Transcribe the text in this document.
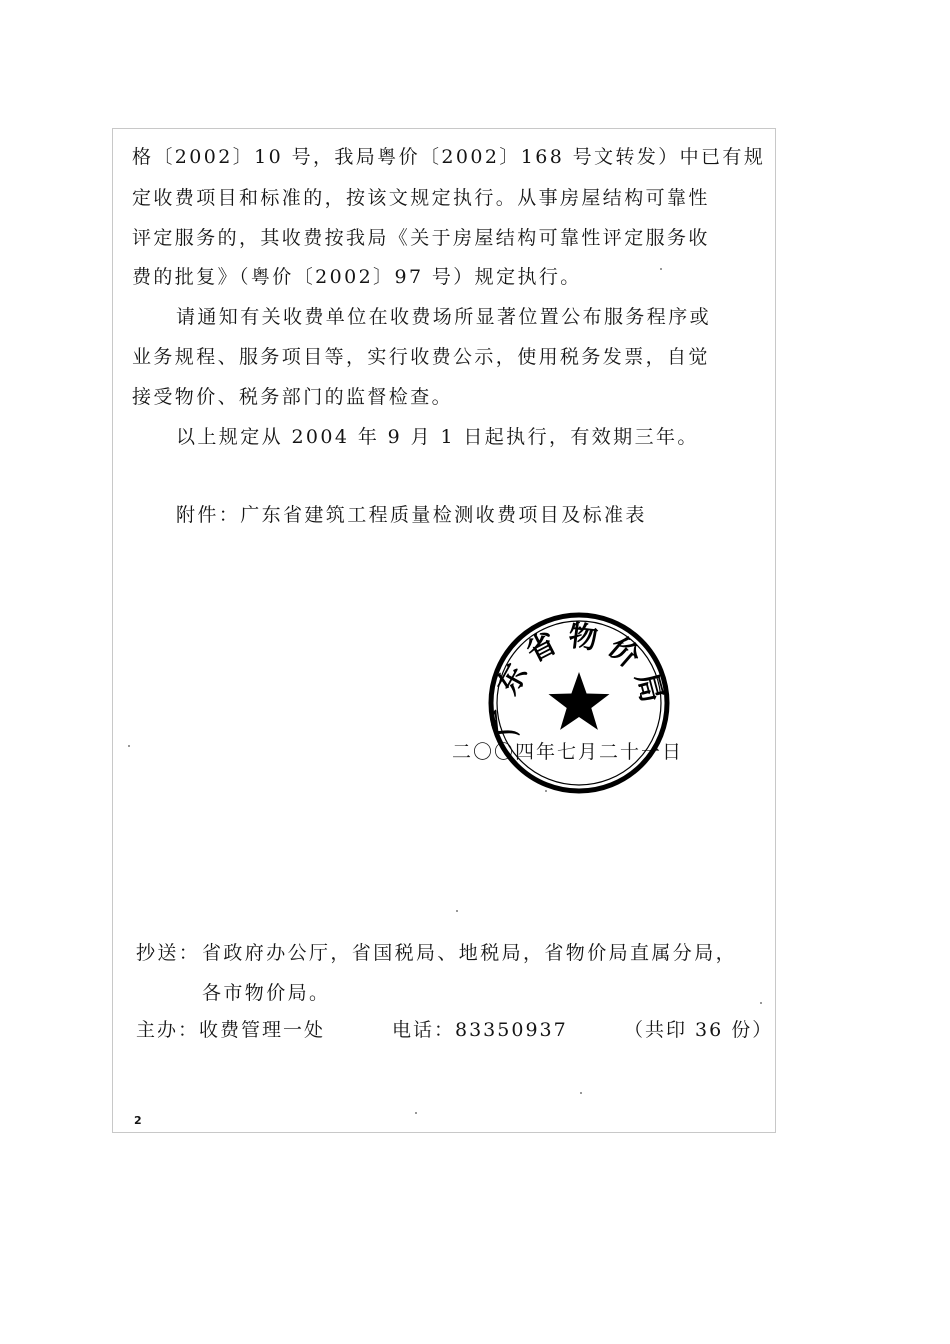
格〔2002〕10 号，我局粤价〔2002〕168 号文转发）中已有规
定收费项目和标准的，按该文规定执行。从事房屋结构可靠性
评定服务的，其收费按我局《关于房屋结构可靠性评定服务收
费的批复》（粤价〔2002〕97 号）规定执行。
请通知有关收费单位在收费场所显著位置公布服务程序或
业务规程、服务项目等，实行收费公示，使用税务发票，自觉
接受物价、税务部门的监督检查。
以上规定从 2004 年 9 月 1 日起执行，有效期三年。
附件：广东省建筑工程质量检测收费项目及标准表
二〇〇四年七月二十一日
广东省物价局
抄送： 省政府办公厅，省国税局、地税局，省物价局直属分局，
各市物价局。
主办：收费管理一处	电话：83350937	（共印 36 份）
2
